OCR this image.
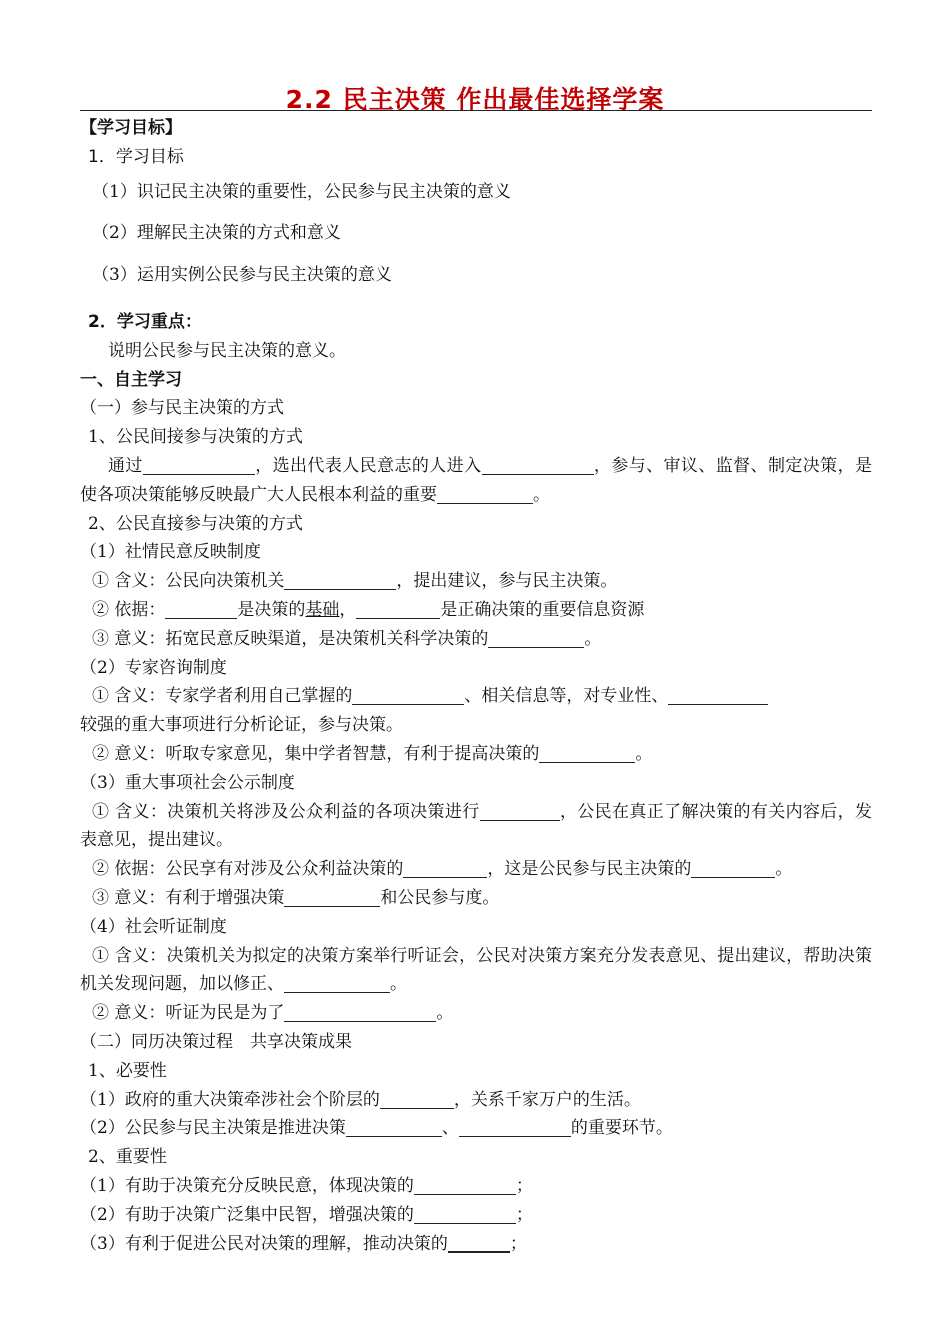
2.2 民主决策 作出最佳选择学案
【学习目标】
1．学习目标
（1）识记民主决策的重要性，公民参与民主决策的意义
（2）理解民主决策的方式和意义
（3）运用实例公民参与民主决策的意义
2．学习重点：
说明公民参与民主决策的意义。
一、自主学习
（一）参与民主决策的方式
1、公民间接参与决策的方式
通过	，选出代表人民意志的人进入	，参与、审议、监督、制定决策，是使各项决策能够反映最广大人民根本利益的重要	。
2、公民直接参与决策的方式
（1）社情民意反映制度
① 含义：公民向决策机关	，提出建议，参与民主决策。
② 依据：	是决策的基础，	是正确决策的重要信息资源
③ 意义：拓宽民意反映渠道，是决策机关科学决策的	。
（2）专家咨询制度
① 含义：专家学者利用自己掌握的	、相关信息等，对专业性、
较强的重大事项进行分析论证，参与决策。
② 意义：听取专家意见，集中学者智慧，有利于提高决策的	。
（3）重大事项社会公示制度
① 含义：决策机关将涉及公众利益的各项决策进行	，公民在真正了解决策的有关内容后，发表意见，提出建议。
② 依据：公民享有对涉及公众利益决策的	，这是公民参与民主决策的	。
③ 意义：有利于增强决策	和公民参与度。
（4）社会听证制度
① 含义：决策机关为拟定的决策方案举行听证会，公民对决策方案充分发表意见、提出建议，帮助决策机关发现问题，加以修正、	。
② 意义：听证为民是为了	。
（二）同历决策过程　共享决策成果
1、必要性
（1）政府的重大决策牵涉社会个阶层的	，关系千家万户的生活。
（2）公民参与民主决策是推进决策	、	的重要环节。
2、重要性
（1）有助于决策充分反映民意，体现决策的	；
（2）有助于决策广泛集中民智，增强决策的	；
（3）有利于促进公民对决策的理解，推动决策的	；
